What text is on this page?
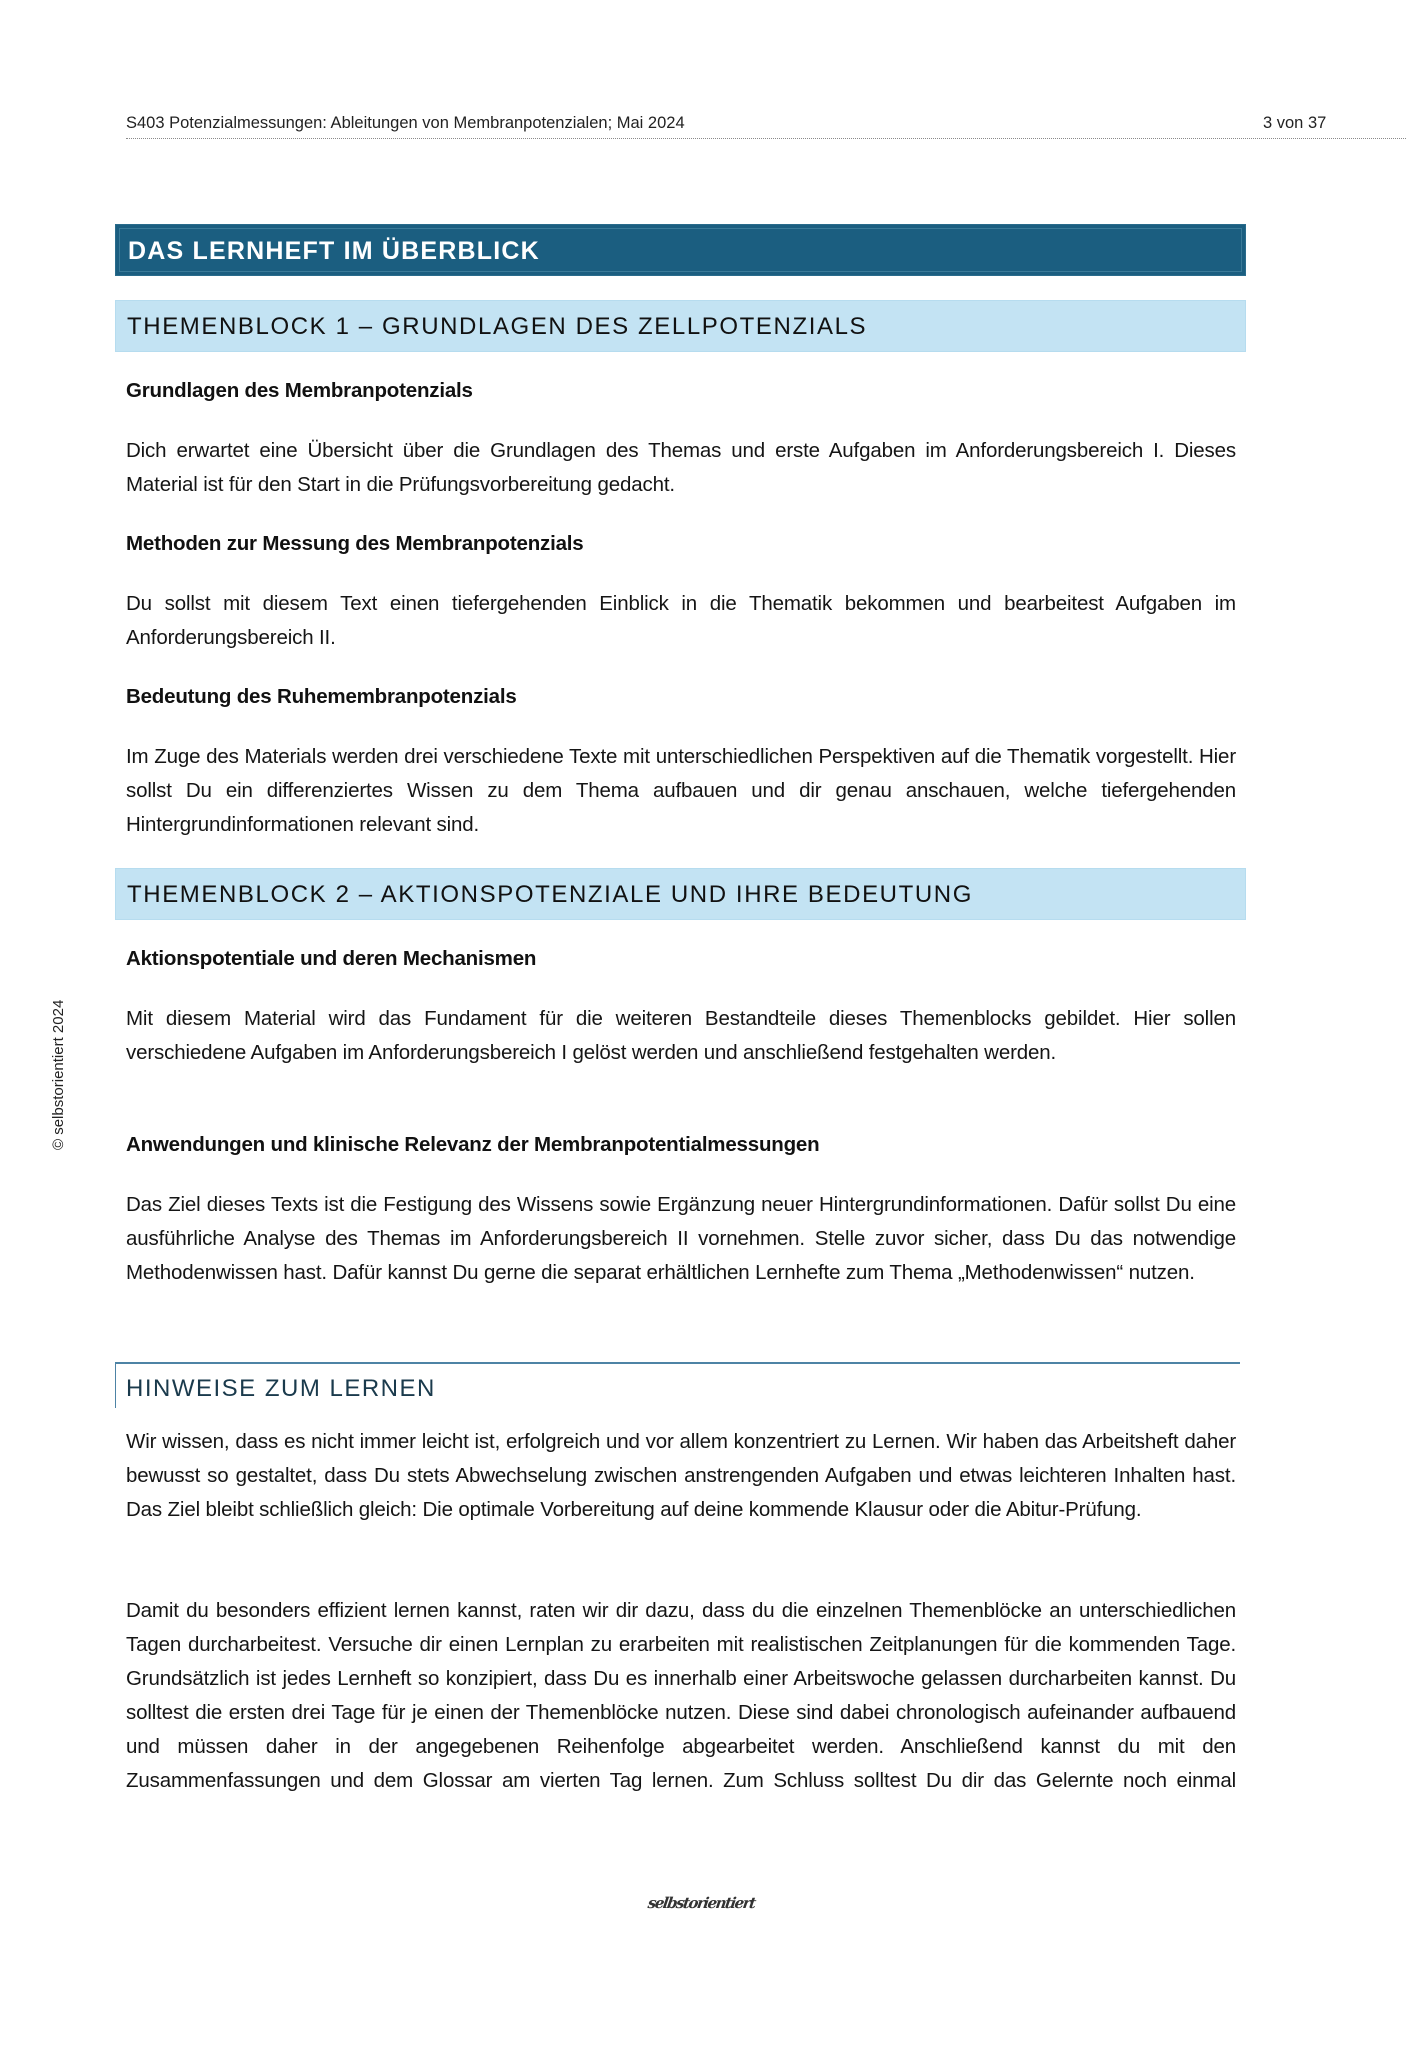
S403 Potenzialmessungen: Ableitungen von Membranpotenzialen; Mai 2024	3 von 37
© selbstorientiert 2024
DAS LERNHEFT IM ÜBERBLICK
THEMENBLOCK 1 – GRUNDLAGEN DES ZELLPOTENZIALS
Grundlagen des Membranpotenzials
Dich erwartet eine Übersicht über die Grundlagen des Themas und erste Aufgaben im Anforderungsbereich I. Dieses Material ist für den Start in die Prüfungsvorbereitung gedacht.
Methoden zur Messung des Membranpotenzials
Du sollst mit diesem Text einen tiefergehenden Einblick in die Thematik bekommen und bearbeitest Aufgaben im Anforderungsbereich II.
Bedeutung des Ruhemembranpotenzials
Im Zuge des Materials werden drei verschiedene Texte mit unterschiedlichen Perspektiven auf die Thematik vorgestellt. Hier sollst Du ein differenziertes Wissen zu dem Thema aufbauen und dir genau anschauen, welche tiefergehenden Hintergrundinformationen relevant sind.
THEMENBLOCK 2 – AKTIONSPOTENZIALE UND IHRE BEDEUTUNG
Aktionspotentiale und deren Mechanismen
Mit diesem Material wird das Fundament für die weiteren Bestandteile dieses Themenblocks gebildet. Hier sollen verschiedene Aufgaben im Anforderungsbereich I gelöst werden und anschließend festgehalten werden.
Anwendungen und klinische Relevanz der Membranpotentialmessungen
Das Ziel dieses Texts ist die Festigung des Wissens sowie Ergänzung neuer Hintergrundinformationen. Dafür sollst Du eine ausführliche Analyse des Themas im Anforderungsbereich II vornehmen. Stelle zuvor sicher, dass Du das notwendige Methodenwissen hast. Dafür kannst Du gerne die separat erhältlichen Lernhefte zum Thema „Methodenwissen“ nutzen.
HINWEISE ZUM LERNEN
Wir wissen, dass es nicht immer leicht ist, erfolgreich und vor allem konzentriert zu Lernen. Wir haben das Arbeitsheft daher bewusst so gestaltet, dass Du stets Abwechselung zwischen anstrengenden Aufgaben und etwas leichteren Inhalten hast. Das Ziel bleibt schließlich gleich: Die optimale Vorbereitung auf deine kommende Klausur oder die Abitur-Prüfung.
Damit du besonders effizient lernen kannst, raten wir dir dazu, dass du die einzelnen Themenblöcke an unterschiedlichen Tagen durcharbeitest. Versuche dir einen Lernplan zu erarbeiten mit realistischen Zeitplanungen für die kommenden Tage. Grundsätzlich ist jedes Lernheft so konzipiert, dass Du es innerhalb einer Arbeitswoche gelassen durcharbeiten kannst. Du solltest die ersten drei Tage für je einen der Themenblöcke nutzen. Diese sind dabei chronologisch aufeinander aufbauend und müssen daher in der angegebenen Reihenfolge abgearbeitet werden. Anschließend kannst du mit den Zusammenfassungen und dem Glossar am vierten Tag lernen. Zum Schluss solltest Du dir das Gelernte noch einmal
selbstorientiert
